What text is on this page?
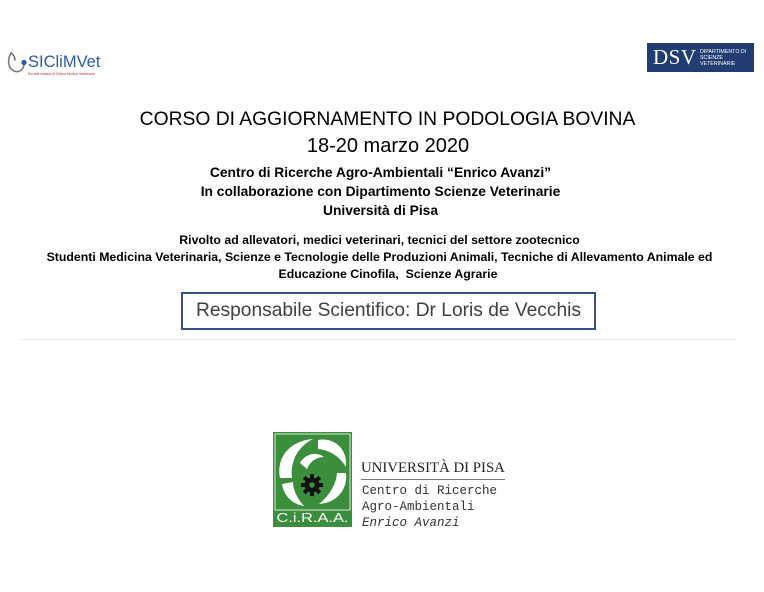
SICliMVet
Società Italiana di Clinica Medica Veterinaria
DSV DIPARTIMENTO DI
SCIENZE
VETERINARIE
CORSO DI AGGIORNAMENTO IN PODOLOGIA BOVINA
18-20 marzo 2020
Centro di Ricerche Agro-Ambientali “Enrico Avanzi”
In collaborazione con Dipartimento Scienze Veterinarie
Università di Pisa
Rivolto ad allevatori, medici veterinari, tecnici del settore zootecnico
Studenti Medicina Veterinaria, Scienze e Tecnologie delle Produzioni Animali, Tecniche di Allevamento Animale ed
Educazione Cinofila,  Scienze Agrarie
Responsabile Scientifico: Dr Loris de Vecchis
C.i.R.A.A.
UNIVERSITÀ DI PISA
Centro di Ricerche
Agro-Ambientali
Enrico Avanzi
